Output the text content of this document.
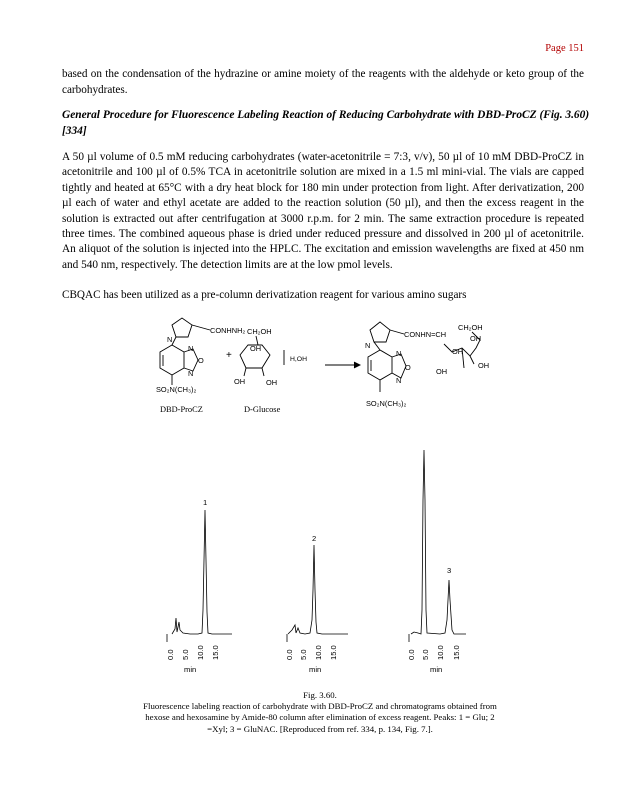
Page 151

based on the condensation of the hydrazine or amine moiety of the reagents with the aldehyde or keto group of the carbohydrates.

General Procedure for Fluorescence Labeling Reaction of Reducing Carbohydrate with DBD-ProCZ (Fig. 3.60) [334]

A 50 µl volume of 0.5 mM reducing carbohydrates (water-acetonitrile = 7:3, v/v), 50 µl of 10 mM DBD-ProCZ in acetonitrile and 100 µl of 0.5% TCA in acetonitrile solution are mixed in a 1.5 ml mini-vial. The vials are capped tightly and heated at 65°C with a dry heat block for 180 min under protection from light. After derivatization, 200 µl each of water and ethyl acetate are added to the reaction solution (50 µl), and then the excess reagent in the solution is extracted out after centrifugation at 3000 r.p.m. for 2 min. The same extraction procedure is repeated three times. The combined aqueous phase is dried under reduced pressure and dissolved in 200 µl of acetonitrile. An aliquot of the solution is injected into the HPLC. The excitation and emission wavelengths are fixed at 450 nm and 540 nm, respectively. The detection limits are at the low pmol levels.

CBQAC has been utilized as a pre-column derivatization reagent for various amino sugars

CONHNH₂
N
N
O
N
SO₂N(CH₃)₂
DBD-ProCZ
+
CH₂OH
OH
H,OH
OH	OH
D-Glucose
CONHN=CH
N
N
O
N
SO₂N(CH₃)₂
CH₂OH
OH
OH
OH
OH
1
2
3
0.0 5.0 10.0 15.0
min
0.0 5.0 10.0 15.0
min
0.0 5.0 10.0 15.0
min

Fig. 3.60.

Fluorescence labeling reaction of carbohydrate with DBD-ProCZ and chromatograms obtained from hexose and hexosamine by Amide-80 column after elimination of excess reagent. Peaks: 1 = Glu; 2 =Xyl; 3 = GluNAC. [Reproduced from ref. 334, p. 134, Fig. 7.].
